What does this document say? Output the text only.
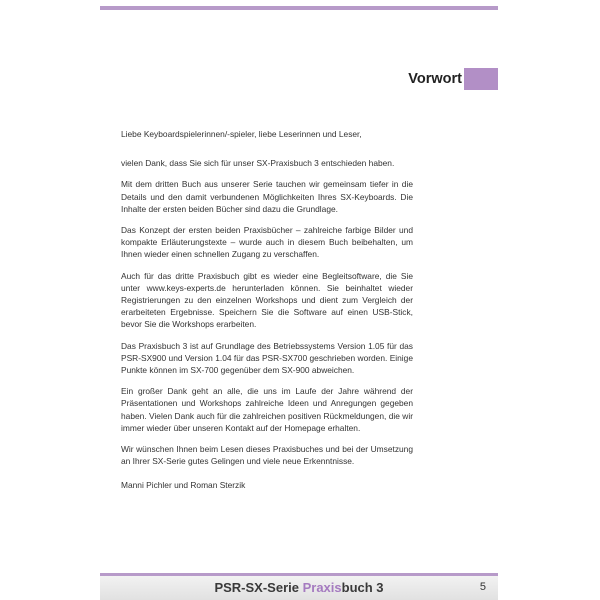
Vorwort

Liebe Keyboardspielerinnen/-spieler, liebe Leserinnen und Leser,

vielen Dank, dass Sie sich für unser SX-Praxisbuch 3 entschieden haben.

Mit dem dritten Buch aus unserer Serie tauchen wir gemeinsam tiefer in die Details und den damit verbundenen Möglichkeiten Ihres SX-Keyboards. Die Inhalte der ersten beiden Bücher sind dazu die Grundlage.

Das Konzept der ersten beiden Praxisbücher – zahlreiche farbige Bilder und kompakte Erläuterungstexte – wurde auch in diesem Buch beibehalten, um Ihnen wieder einen schnellen Zugang zu verschaffen.

Auch für das dritte Praxisbuch gibt es wieder eine Begleitsoftware, die Sie unter www.keys-experts.de herunterladen können. Sie beinhaltet wieder Registrierungen zu den einzelnen Workshops und dient zum Vergleich der erarbeiteten Ergebnisse. Speichern Sie die Software auf einen USB-Stick, bevor Sie die Workshops erarbeiten.

Das Praxisbuch 3 ist auf Grundlage des Betriebssystems Version 1.05 für das PSR-SX900 und Version 1.04 für das PSR-SX700 geschrieben worden. Einige Punkte können im SX-700 gegenüber dem SX-900 abweichen.

Ein großer Dank geht an alle, die uns im Laufe der Jahre während der Präsentationen und Workshops zahlreiche Ideen und Anregungen gegeben haben. Vielen Dank auch für die zahlreichen positiven Rückmeldungen, die wir immer wieder über unseren Kontakt auf der Homepage erhalten.

Wir wünschen Ihnen beim Lesen dieses Praxisbuches und bei der Umsetzung an Ihrer SX-Serie gutes Gelingen und viele neue Erkenntnisse.

Manni Pichler und Roman Sterzik

PSR-SX-Serie Praxisbuch 3	5
